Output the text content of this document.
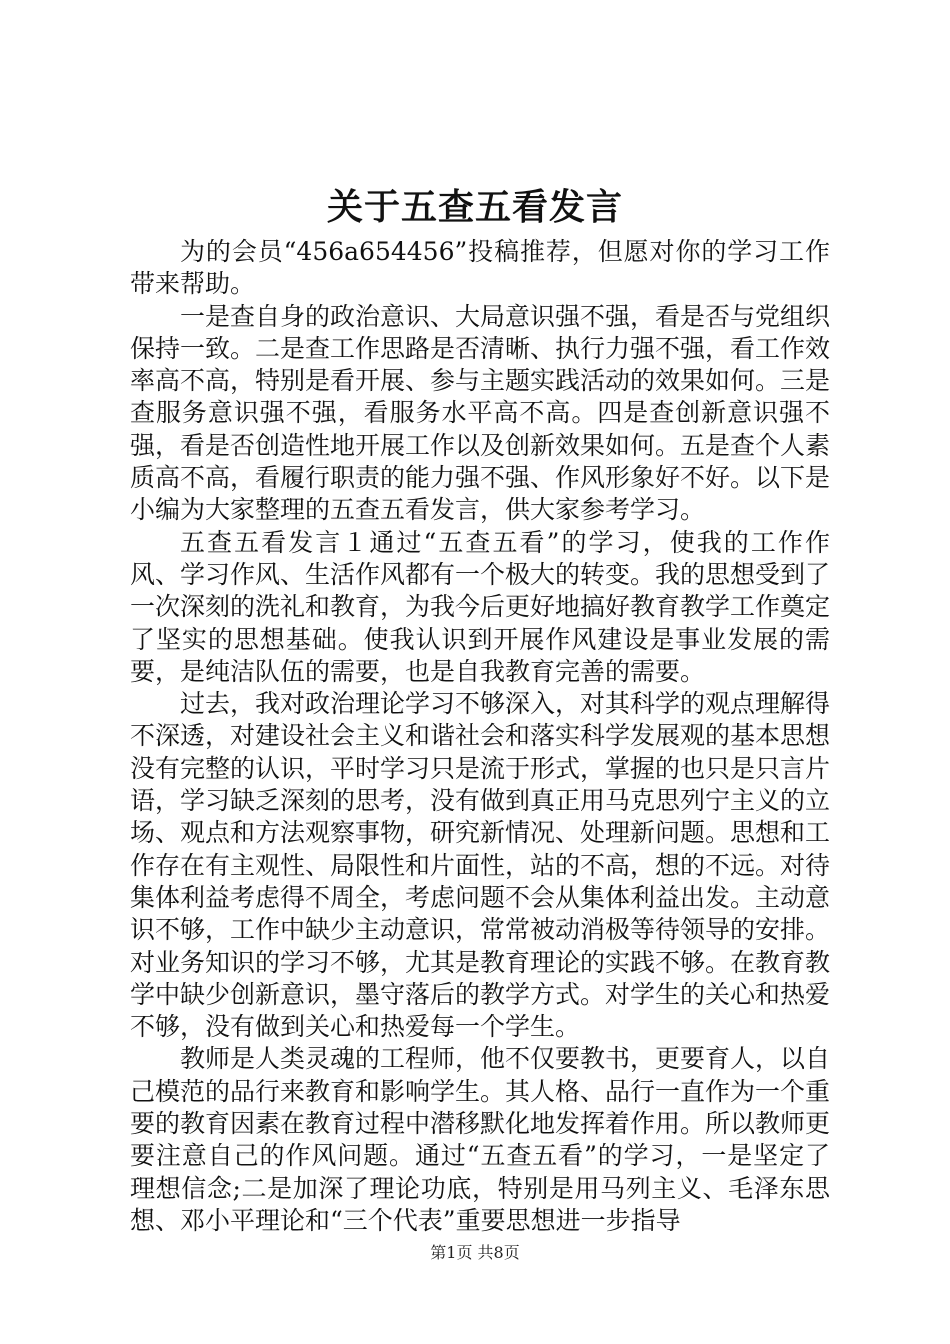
关于五查五看发言

为的会员“456a654456”投稿推荐，但愿对你的学习工作带来帮助。

一是查自身的政治意识、大局意识强不强，看是否与党组织保持一致。二是查工作思路是否清晰、执行力强不强，看工作效率高不高，特别是看开展、参与主题实践活动的效果如何。三是查服务意识强不强，看服务水平高不高。四是查创新意识强不强，看是否创造性地开展工作以及创新效果如何。五是查个人素质高不高，看履行职责的能力强不强、作风形象好不好。以下是小编为大家整理的五查五看发言，供大家参考学习。

五查五看发言１通过“五查五看”的学习，使我的工作作风、学习作风、生活作风都有一个极大的转变。我的思想受到了一次深刻的洗礼和教育，为我今后更好地搞好教育教学工作奠定了坚实的思想基础。使我认识到开展作风建设是事业发展的需要，是纯洁队伍的需要，也是自我教育完善的需要。

过去，我对政治理论学习不够深入，对其科学的观点理解得不深透，对建设社会主义和谐社会和落实科学发展观的基本思想没有完整的认识，平时学习只是流于形式，掌握的也只是只言片语，学习缺乏深刻的思考，没有做到真正用马克思列宁主义的立场、观点和方法观察事物，研究新情况、处理新问题。思想和工作存在有主观性、局限性和片面性，站的不高，想的不远。对待集体利益考虑得不周全，考虑问题不会从集体利益出发。主动意识不够，工作中缺少主动意识，常常被动消极等待领导的安排。对业务知识的学习不够，尤其是教育理论的实践不够。在教育教学中缺少创新意识，墨守落后的教学方式。对学生的关心和热爱不够，没有做到关心和热爱每一个学生。

教师是人类灵魂的工程师，他不仅要教书，更要育人，以自己模范的品行来教育和影响学生。其人格、品行一直作为一个重要的教育因素在教育过程中潜移默化地发挥着作用。所以教师更要注意自己的作风问题。通过“五查五看”的学习，一是坚定了理想信念;二是加深了理论功底，特别是用马列主义、毛泽东思想、邓小平理论和“三个代表”重要思想进一步指导

第1页 共8页
